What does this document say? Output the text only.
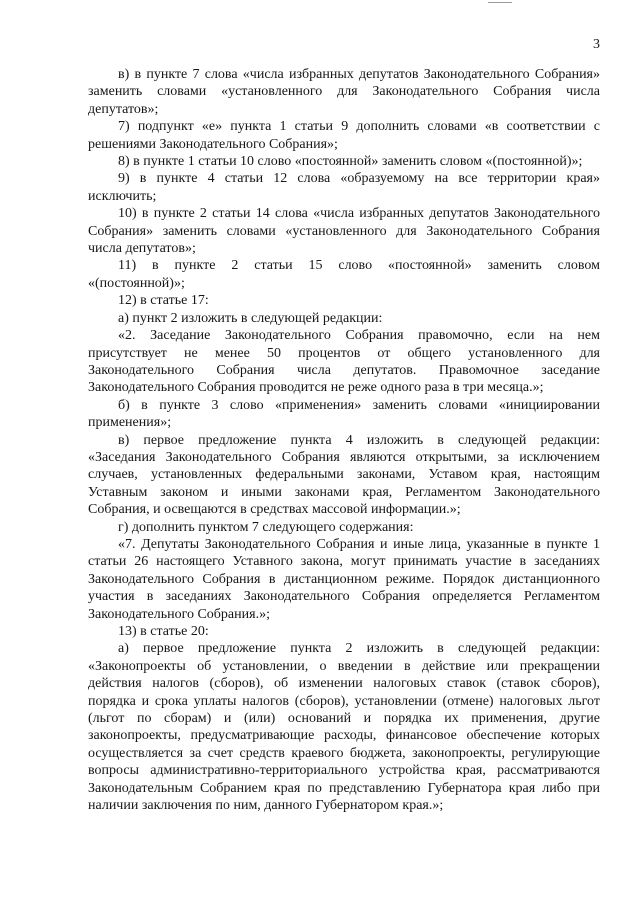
3
в) в пункте 7 слова «числа избранных депутатов Законодательного Собрания»
заменить словами «установленного для Законодательного Собрания числа
депутатов»;
7) подпункт «е» пункта 1 статьи 9 дополнить словами «в соответствии с
решениями Законодательного Собрания»;
8) в пункте 1 статьи 10 слово «постоянной» заменить словом «(постоянной)»;
9) в пункте 4 статьи 12 слова «образуемому на все территории края»
исключить;
10) в пункте 2 статьи 14 слова «числа избранных депутатов Законодательного
Собрания» заменить словами «установленного для Законодательного Собрания
числа депутатов»;
11) в пункте 2 статьи 15 слово «постоянной» заменить словом
«(постоянной)»;
12) в статье 17:
а) пункт 2 изложить в следующей редакции:
«2. Заседание Законодательного Собрания правомочно, если на нем
присутствует не менее 50 процентов от общего установленного для
Законодательного Собрания числа депутатов. Правомочное заседание
Законодательного Собрания проводится не реже одного раза в три месяца.»;
б) в пункте 3 слово «применения» заменить словами «инициировании
применения»;
в) первое предложение пункта 4 изложить в следующей редакции:
«Заседания Законодательного Собрания являются открытыми, за исключением
случаев, установленных федеральными законами, Уставом края, настоящим
Уставным законом и иными законами края, Регламентом Законодательного
Собрания, и освещаются в средствах массовой информации.»;
г) дополнить пунктом 7 следующего содержания:
«7. Депутаты Законодательного Собрания и иные лица, указанные в пункте 1
статьи 26 настоящего Уставного закона, могут принимать участие в заседаниях
Законодательного Собрания в дистанционном режиме. Порядок дистанционного
участия в заседаниях Законодательного Собрания определяется Регламентом
Законодательного Собрания.»;
13) в статье 20:
а) первое предложение пункта 2 изложить в следующей редакции:
«Законопроекты об установлении, о введении в действие или прекращении
действия налогов (сборов), об изменении налоговых ставок (ставок сборов),
порядка и срока уплаты налогов (сборов), установлении (отмене) налоговых льгот
(льгот по сборам) и (или) оснований и порядка их применения, другие
законопроекты, предусматривающие расходы, финансовое обеспечение которых
осуществляется за счет средств краевого бюджета, законопроекты, регулирующие
вопросы административно-территориального устройства края, рассматриваются
Законодательным Собранием края по представлению Губернатора края либо при
наличии заключения по ним, данного Губернатором края.»;
